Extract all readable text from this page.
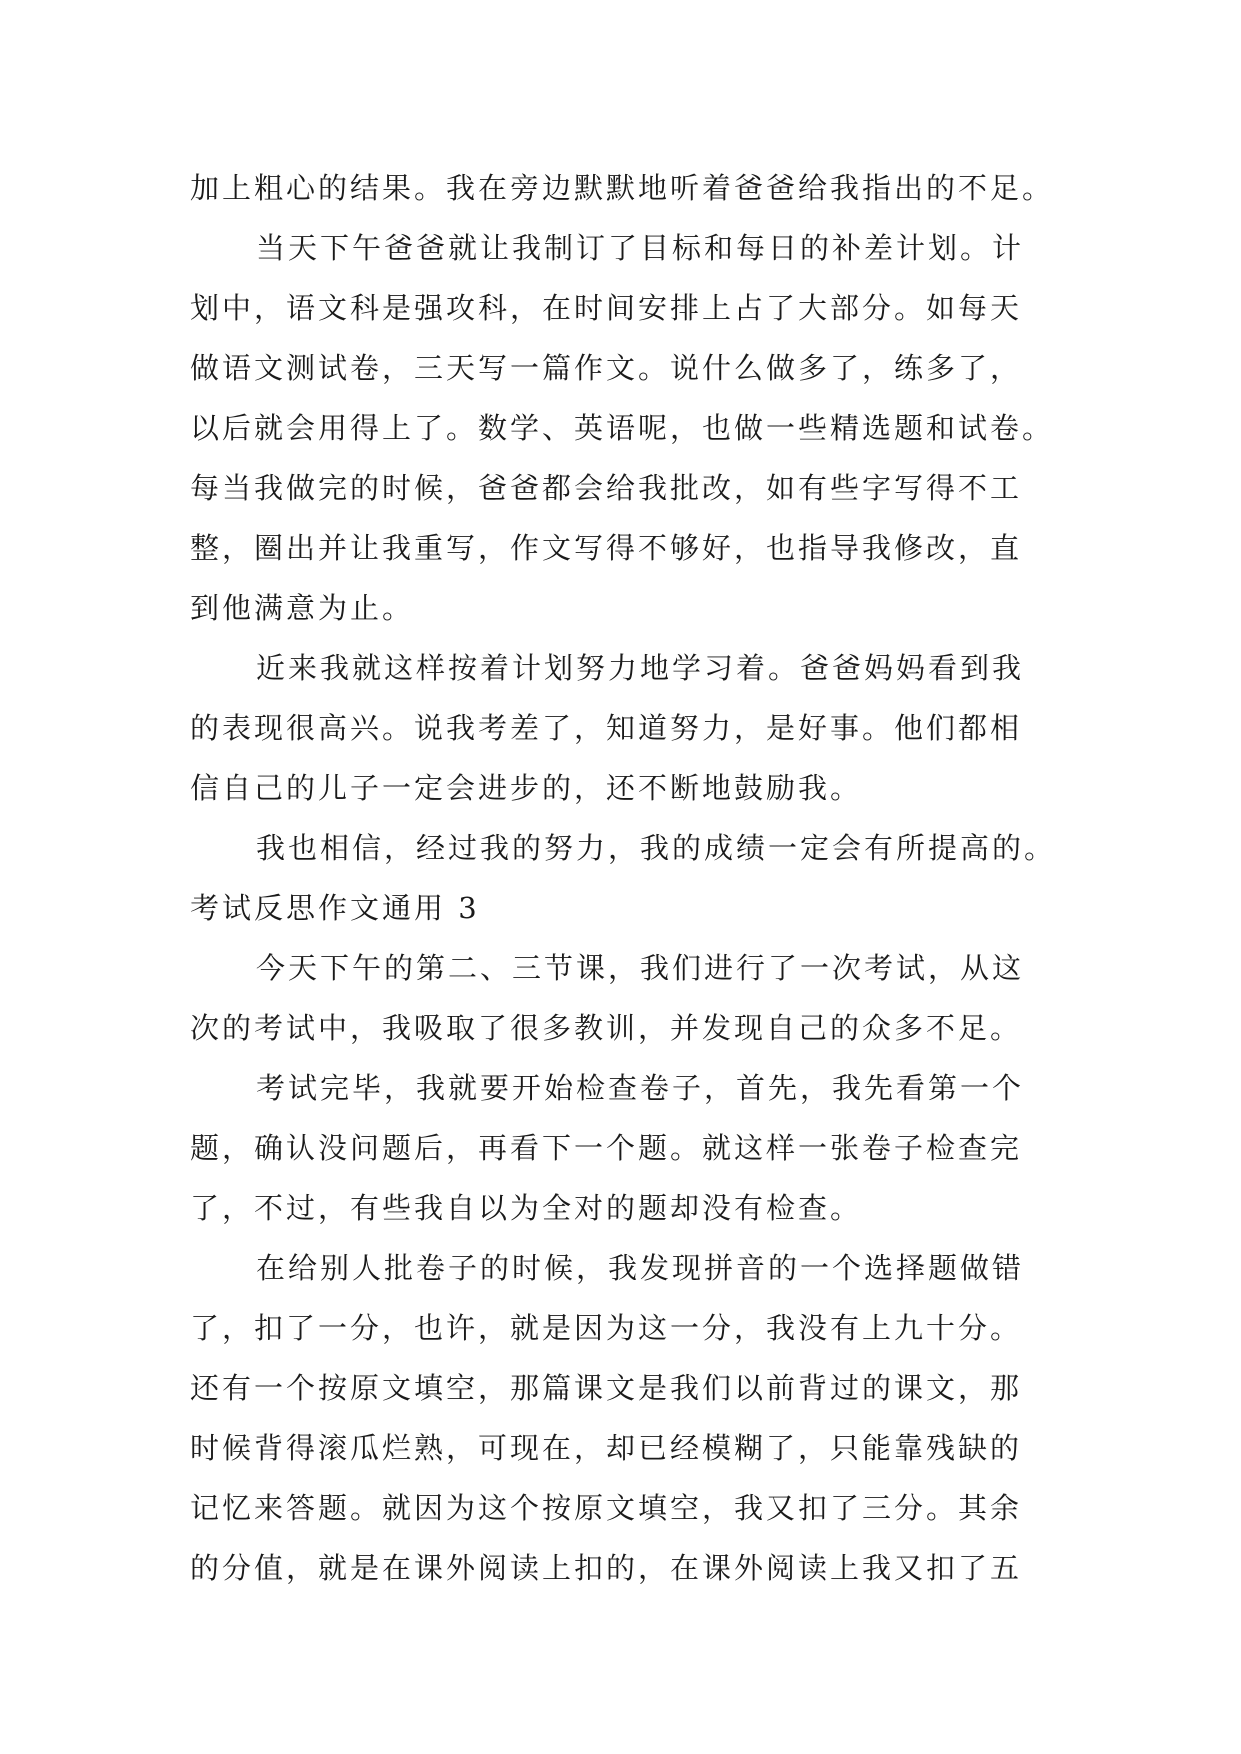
加上粗心的结果。我在旁边默默地听着爸爸给我指出的不足。
当天下午爸爸就让我制订了目标和每日的补差计划。计
划中，语文科是强攻科，在时间安排上占了大部分。如每天
做语文测试卷，三天写一篇作文。说什么做多了，练多了，
以后就会用得上了。数学、英语呢，也做一些精选题和试卷。
每当我做完的时候，爸爸都会给我批改，如有些字写得不工
整，圈出并让我重写，作文写得不够好，也指导我修改，直
到他满意为止。
近来我就这样按着计划努力地学习着。爸爸妈妈看到我
的表现很高兴。说我考差了，知道努力，是好事。他们都相
信自己的儿子一定会进步的，还不断地鼓励我。
我也相信，经过我的努力，我的成绩一定会有所提高的。
考试反思作文通用 3
今天下午的第二、三节课，我们进行了一次考试，从这
次的考试中，我吸取了很多教训，并发现自己的众多不足。
考试完毕，我就要开始检查卷子，首先，我先看第一个
题，确认没问题后，再看下一个题。就这样一张卷子检查完
了，不过，有些我自以为全对的题却没有检查。
在给别人批卷子的时候，我发现拼音的一个选择题做错
了，扣了一分，也许，就是因为这一分，我没有上九十分。
还有一个按原文填空，那篇课文是我们以前背过的课文，那
时候背得滚瓜烂熟，可现在，却已经模糊了，只能靠残缺的
记忆来答题。就因为这个按原文填空，我又扣了三分。其余
的分值，就是在课外阅读上扣的，在课外阅读上我又扣了五
